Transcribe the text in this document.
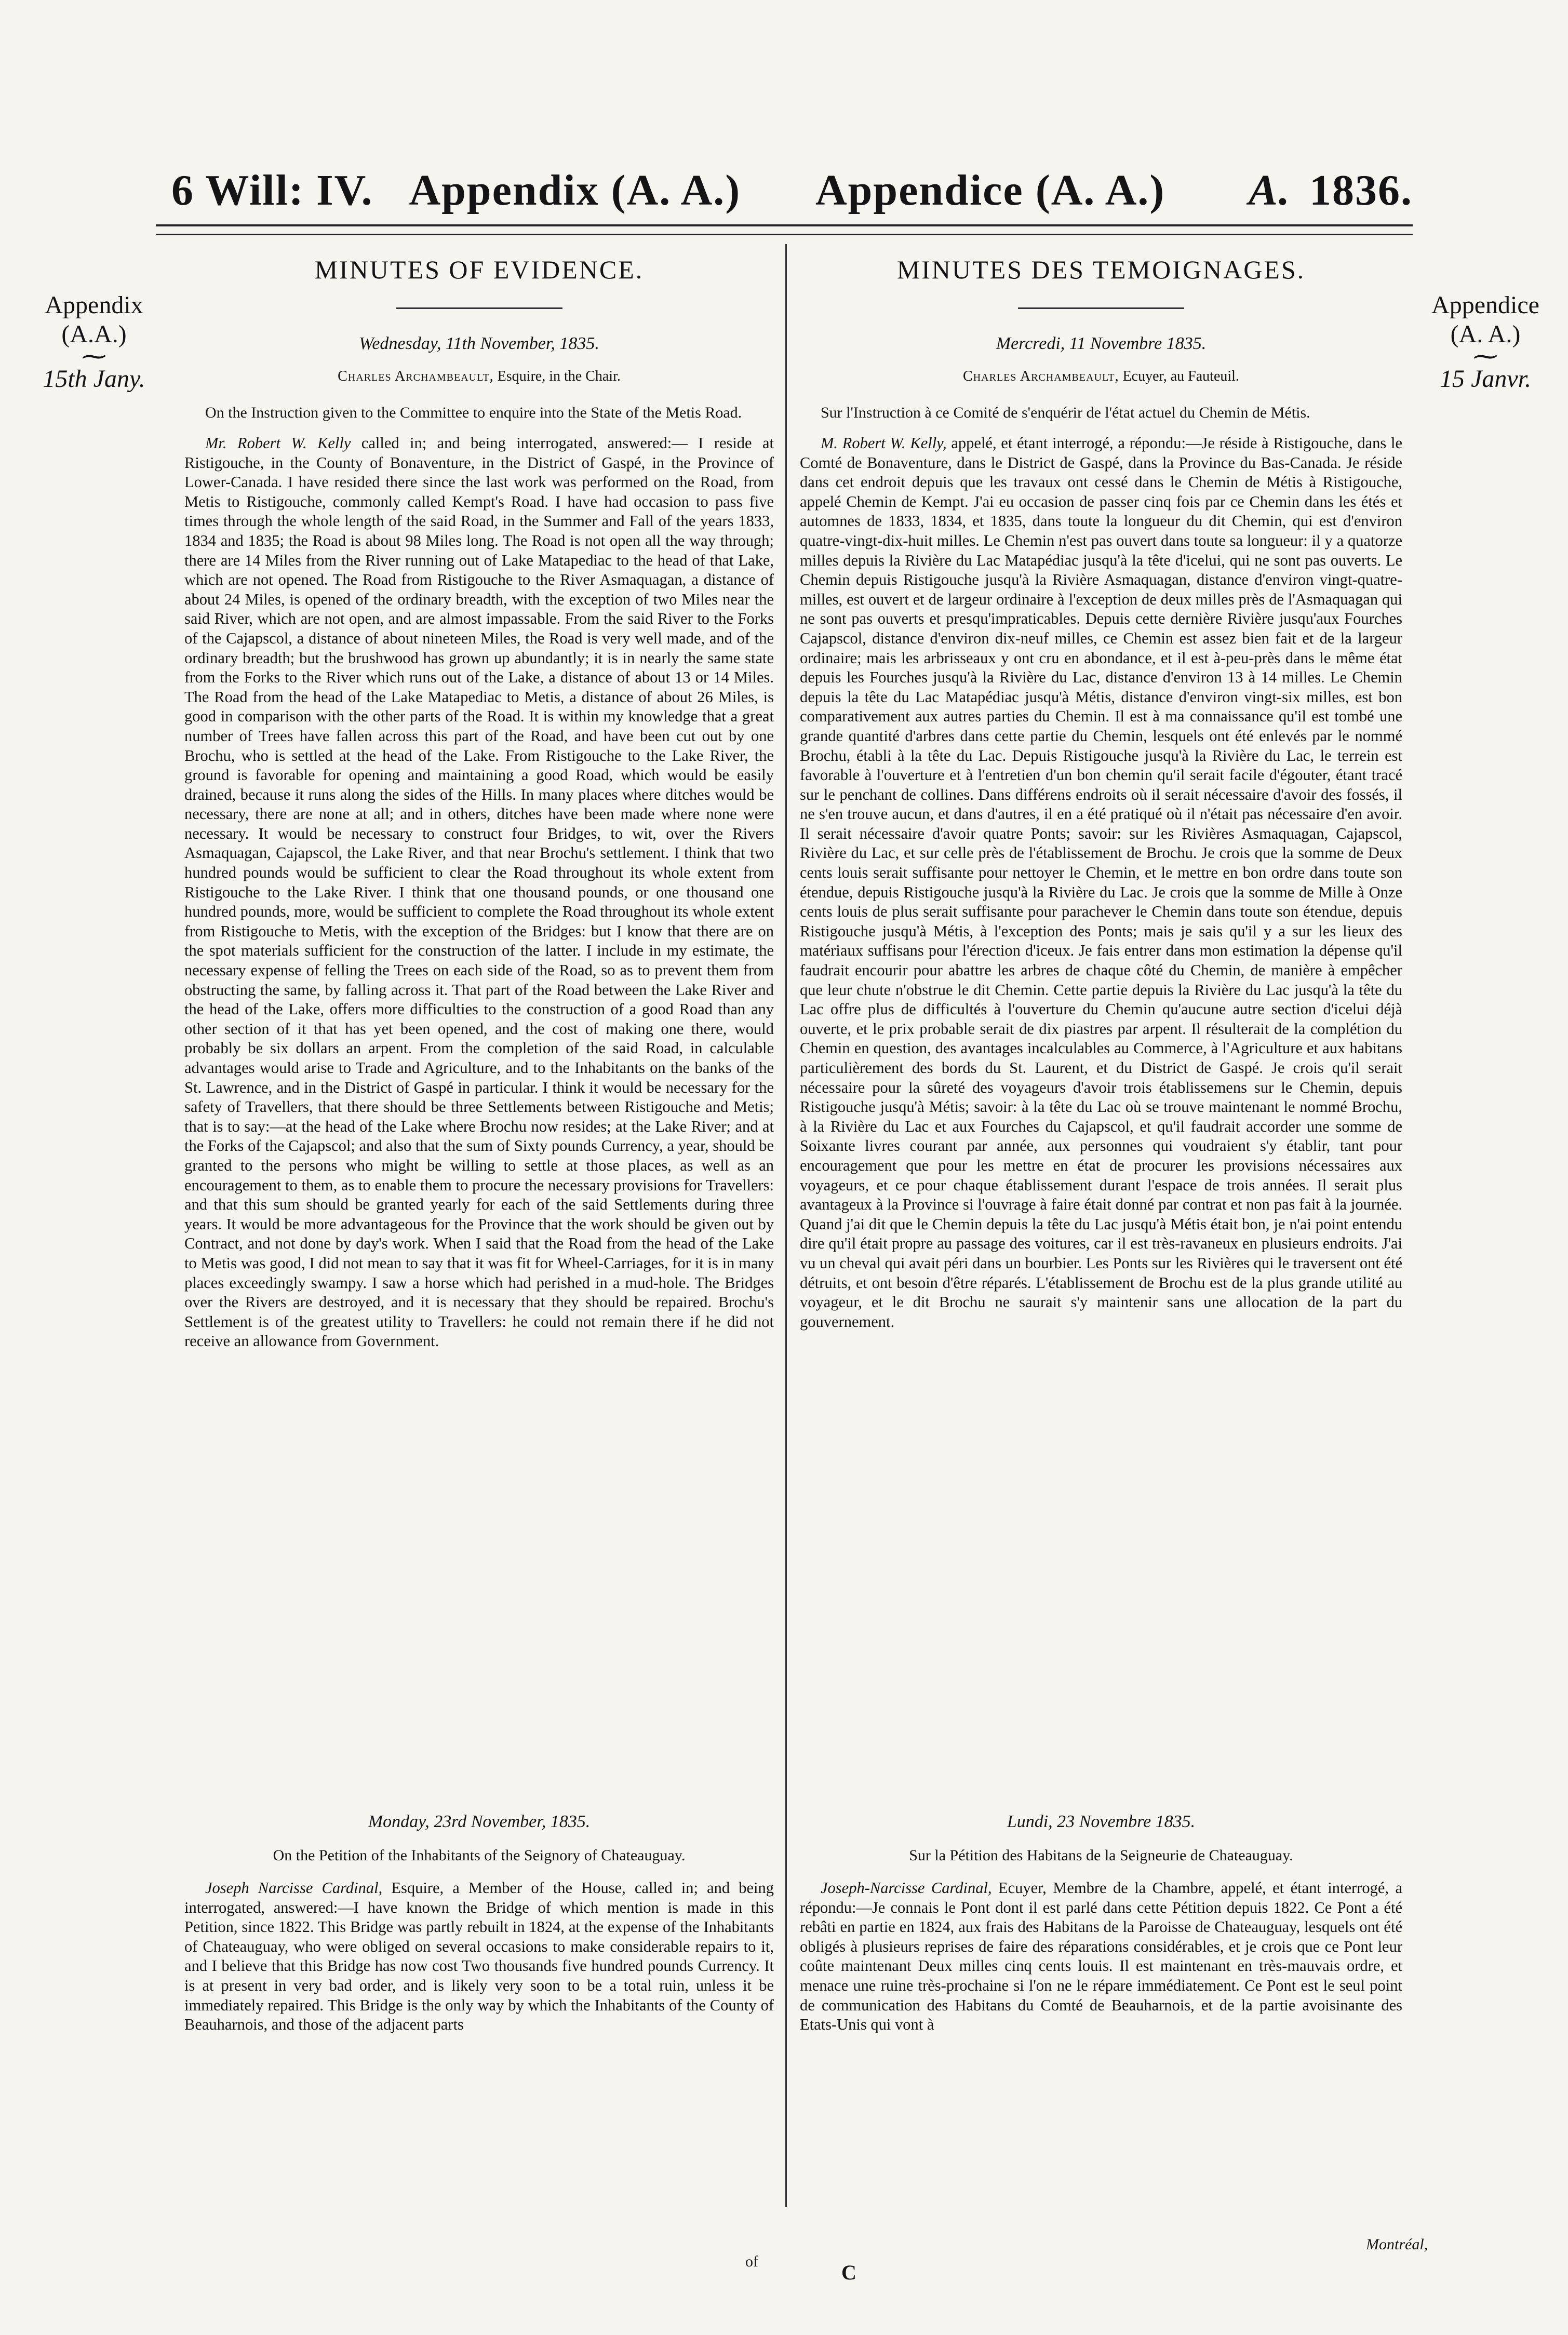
6 Will: IV. Appendix (A. A.)	Appendice (A. A.) A. 1836.
Appendix
(A.A.)
⁓
15th Jany.
Appendice
(A. A.)
⁓
15 Janvr.
MINUTES OF EVIDENCE.
Wednesday, 11th November, 1835.
Charles Archambeault, Esquire, in the Chair.

On the Instruction given to the Committee to enquire into the State of the Metis Road.

Mr. Robert W. Kelly called in; and being interrogated, answered:— I reside at Ristigouche, in the County of Bonaventure, in the District of Gaspé, in the Province of Lower-Canada. I have resided there since the last work was performed on the Road, from Metis to Ristigouche, commonly called Kempt's Road. I have had occasion to pass five times through the whole length of the said Road, in the Summer and Fall of the years 1833, 1834 and 1835; the Road is about 98 Miles long. The Road is not open all the way through; there are 14 Miles from the River running out of Lake Matapediac to the head of that Lake, which are not opened. The Road from Ristigouche to the River Asmaquagan, a distance of about 24 Miles, is opened of the ordinary breadth, with the exception of two Miles near the said River, which are not open, and are almost impassable. From the said River to the Forks of the Cajapscol, a distance of about nineteen Miles, the Road is very well made, and of the ordinary breadth; but the brushwood has grown up abundantly; it is in nearly the same state from the Forks to the River which runs out of the Lake, a distance of about 13 or 14 Miles. The Road from the head of the Lake Matapediac to Metis, a distance of about 26 Miles, is good in comparison with the other parts of the Road. It is within my knowledge that a great number of Trees have fallen across this part of the Road, and have been cut out by one Brochu, who is settled at the head of the Lake. From Ristigouche to the Lake River, the ground is favorable for opening and maintaining a good Road, which would be easily drained, because it runs along the sides of the Hills. In many places where ditches would be necessary, there are none at all; and in others, ditches have been made where none were necessary. It would be necessary to construct four Bridges, to wit, over the Rivers Asmaquagan, Cajapscol, the Lake River, and that near Brochu's settlement. I think that two hundred pounds would be sufficient to clear the Road throughout its whole extent from Ristigouche to the Lake River. I think that one thousand pounds, or one thousand one hundred pounds, more, would be sufficient to complete the Road throughout its whole extent from Ristigouche to Metis, with the exception of the Bridges: but I know that there are on the spot materials sufficient for the construction of the latter. I include in my estimate, the necessary expense of felling the Trees on each side of the Road, so as to prevent them from obstructing the same, by falling across it. That part of the Road between the Lake River and the head of the Lake, offers more difficulties to the construction of a good Road than any other section of it that has yet been opened, and the cost of making one there, would probably be six dollars an arpent. From the completion of the said Road, in calculable advantages would arise to Trade and Agriculture, and to the Inhabitants on the banks of the St. Lawrence, and in the District of Gaspé in particular. I think it would be necessary for the safety of Travellers, that there should be three Settlements between Ristigouche and Metis; that is to say:—at the head of the Lake where Brochu now resides; at the Lake River; and at the Forks of the Cajapscol; and also that the sum of Sixty pounds Currency, a year, should be granted to the persons who might be willing to settle at those places, as well as an encouragement to them, as to enable them to procure the necessary provisions for Travellers: and that this sum should be granted yearly for each of the said Settlements during three years. It would be more advantageous for the Province that the work should be given out by Contract, and not done by day's work. When I said that the Road from the head of the Lake to Metis was good, I did not mean to say that it was fit for Wheel-Carriages, for it is in many places exceedingly swampy. I saw a horse which had perished in a mud-hole. The Bridges over the Rivers are destroyed, and it is necessary that they should be repaired. Brochu's Settlement is of the greatest utility to Travellers: he could not remain there if he did not receive an allowance from Government.

Monday, 23rd November, 1835.
On the Petition of the Inhabitants of the Seignory of Chateauguay.

Joseph Narcisse Cardinal, Esquire, a Member of the House, called in; and being interrogated, answered:—I have known the Bridge of which mention is made in this Petition, since 1822. This Bridge was partly rebuilt in 1824, at the expense of the Inhabitants of Chateauguay, who were obliged on several occasions to make considerable repairs to it, and I believe that this Bridge has now cost Two thousands five hundred pounds Currency. It is at present in very bad order, and is likely very soon to be a total ruin, unless it be immediately repaired. This Bridge is the only way by which the Inhabitants of the County of Beauharnois, and those of the adjacent parts

MINUTES DES TEMOIGNAGES.
Mercredi, 11 Novembre 1835.
Charles Archambeault, Ecuyer, au Fauteuil.

Sur l'Instruction à ce Comité de s'enquérir de l'état actuel du Chemin de Métis.

M. Robert W. Kelly, appelé, et étant interrogé, a répondu:—Je réside à Ristigouche, dans le Comté de Bonaventure, dans le District de Gaspé, dans la Province du Bas-Canada. Je réside dans cet endroit depuis que les travaux ont cessé dans le Chemin de Métis à Ristigouche, appelé Chemin de Kempt. J'ai eu occasion de passer cinq fois par ce Chemin dans les étés et automnes de 1833, 1834, et 1835, dans toute la longueur du dit Chemin, qui est d'environ quatre-vingt-dix-huit milles. Le Chemin n'est pas ouvert dans toute sa longueur: il y a quatorze milles depuis la Rivière du Lac Matapédiac jusqu'à la tête d'icelui, qui ne sont pas ouverts. Le Chemin depuis Ristigouche jusqu'à la Rivière Asmaquagan, distance d'environ vingt-quatre-milles, est ouvert et de largeur ordinaire à l'exception de deux milles près de l'Asmaquagan qui ne sont pas ouverts et presqu'impraticables. Depuis cette dernière Rivière jusqu'aux Fourches Cajapscol, distance d'environ dix-neuf milles, ce Chemin est assez bien fait et de la largeur ordinaire; mais les arbrisseaux y ont cru en abondance, et il est à-peu-près dans le même état depuis les Fourches jusqu'à la Rivière du Lac, distance d'environ 13 à 14 milles. Le Chemin depuis la tête du Lac Matapédiac jusqu'à Métis, distance d'environ vingt-six milles, est bon comparativement aux autres parties du Chemin. Il est à ma connaissance qu'il est tombé une grande quantité d'arbres dans cette partie du Chemin, lesquels ont été enlevés par le nommé Brochu, établi à la tête du Lac. Depuis Ristigouche jusqu'à la Rivière du Lac, le terrein est favorable à l'ouverture et à l'entretien d'un bon chemin qu'il serait facile d'égouter, étant tracé sur le penchant de collines. Dans différens endroits où il serait nécessaire d'avoir des fossés, il ne s'en trouve aucun, et dans d'autres, il en a été pratiqué où il n'était pas nécessaire d'en avoir. Il serait nécessaire d'avoir quatre Ponts; savoir: sur les Rivières Asmaquagan, Cajapscol, Rivière du Lac, et sur celle près de l'établissement de Brochu. Je crois que la somme de Deux cents louis serait suffisante pour nettoyer le Chemin, et le mettre en bon ordre dans toute son étendue, depuis Ristigouche jusqu'à la Rivière du Lac. Je crois que la somme de Mille à Onze cents louis de plus serait suffisante pour parachever le Chemin dans toute son étendue, depuis Ristigouche jusqu'à Métis, à l'exception des Ponts; mais je sais qu'il y a sur les lieux des matériaux suffisans pour l'érection d'iceux. Je fais entrer dans mon estimation la dépense qu'il faudrait encourir pour abattre les arbres de chaque côté du Chemin, de manière à empêcher que leur chute n'obstrue le dit Chemin. Cette partie depuis la Rivière du Lac jusqu'à la tête du Lac offre plus de difficultés à l'ouverture du Chemin qu'aucune autre section d'icelui déjà ouverte, et le prix probable serait de dix piastres par arpent. Il résulterait de la complétion du Chemin en question, des avantages incalculables au Commerce, à l'Agriculture et aux habitans particulièrement des bords du St. Laurent, et du District de Gaspé. Je crois qu'il serait nécessaire pour la sûreté des voyageurs d'avoir trois établissemens sur le Chemin, depuis Ristigouche jusqu'à Métis; savoir: à la tête du Lac où se trouve maintenant le nommé Brochu, à la Rivière du Lac et aux Fourches du Cajapscol, et qu'il faudrait accorder une somme de Soixante livres courant par année, aux personnes qui voudraient s'y établir, tant pour encouragement que pour les mettre en état de procurer les provisions nécessaires aux voyageurs, et ce pour chaque établissement durant l'espace de trois années. Il serait plus avantageux à la Province si l'ouvrage à faire était donné par contrat et non pas fait à la journée. Quand j'ai dit que le Chemin depuis la tête du Lac jusqu'à Métis était bon, je n'ai point entendu dire qu'il était propre au passage des voitures, car il est très-ravaneux en plusieurs endroits. J'ai vu un cheval qui avait péri dans un bourbier. Les Ponts sur les Rivières qui le traversent ont été détruits, et ont besoin d'être réparés. L'établissement de Brochu est de la plus grande utilité au voyageur, et le dit Brochu ne saurait s'y maintenir sans une allocation de la part du gouvernement.

Lundi, 23 Novembre 1835.
Sur la Pétition des Habitans de la Seigneurie de Chateauguay.

Joseph-Narcisse Cardinal, Ecuyer, Membre de la Chambre, appelé, et étant interrogé, a répondu:—Je connais le Pont dont il est parlé dans cette Pétition depuis 1822. Ce Pont a été rebâti en partie en 1824, aux frais des Habitans de la Paroisse de Chateauguay, lesquels ont été obligés à plusieurs reprises de faire des réparations considérables, et je crois que ce Pont leur coûte maintenant Deux milles cinq cents louis. Il est maintenant en très-mauvais ordre, et menace une ruine très-prochaine si l'on ne le répare immédiatement. Ce Pont est le seul point de communication des Habitans du Comté de Beauharnois, et de la partie avoisinante des Etats-Unis qui vont à

of	C
Montréal,
